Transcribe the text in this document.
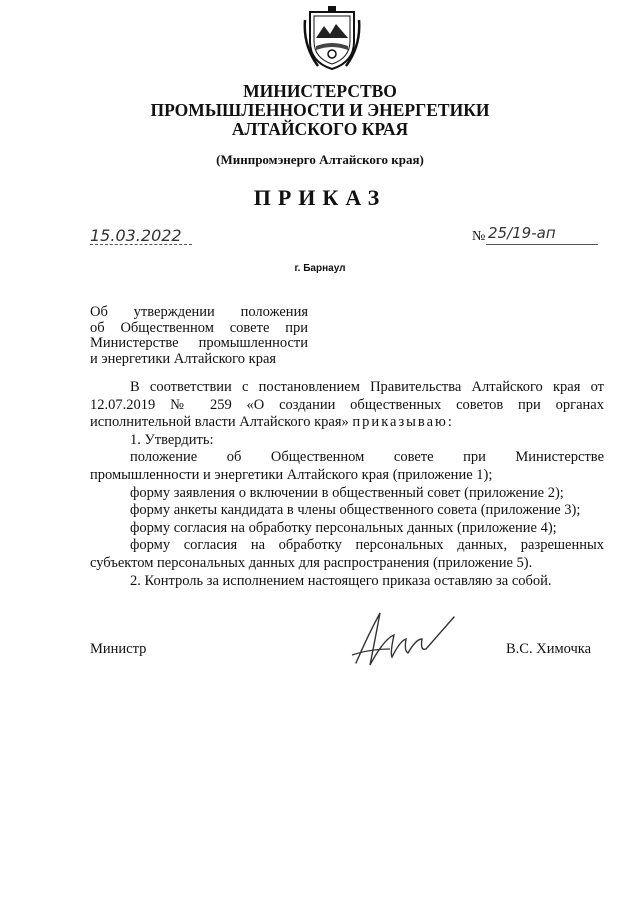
МИНИСТЕРСТВО
ПРОМЫШЛЕННОСТИ И ЭНЕРГЕТИКИ
АЛТАЙСКОГО КРАЯ
(Минпромэнерго Алтайского края)
ПРИКАЗ
15.03.2022	№ 25/19-ап
г. Барнаул
Об утверждении положения
об Общественном совете при
Министерстве промышленности
и энергетики Алтайского края

В соответствии с постановлением Правительства Алтайского края от 12.07.2019 № 259 «О создании общественных советов при органах исполнительной власти Алтайского края» приказываю:

1. Утвердить:

положение об Общественном совете при Министерстве

промышленности и энергетики Алтайского края (приложение 1);

форму заявления о включении в общественный совет (приложение 2);

форму анкеты кандидата в члены общественного совета (приложение 3);

форму согласия на обработку персональных данных (приложение 4);

форму согласия на обработку персональных данных, разрешенных субъектом персональных данных для распространения (приложение 5).

2. Контроль за исполнением настоящего приказа оставляю за собой.

Министр	В.С. Химочка
